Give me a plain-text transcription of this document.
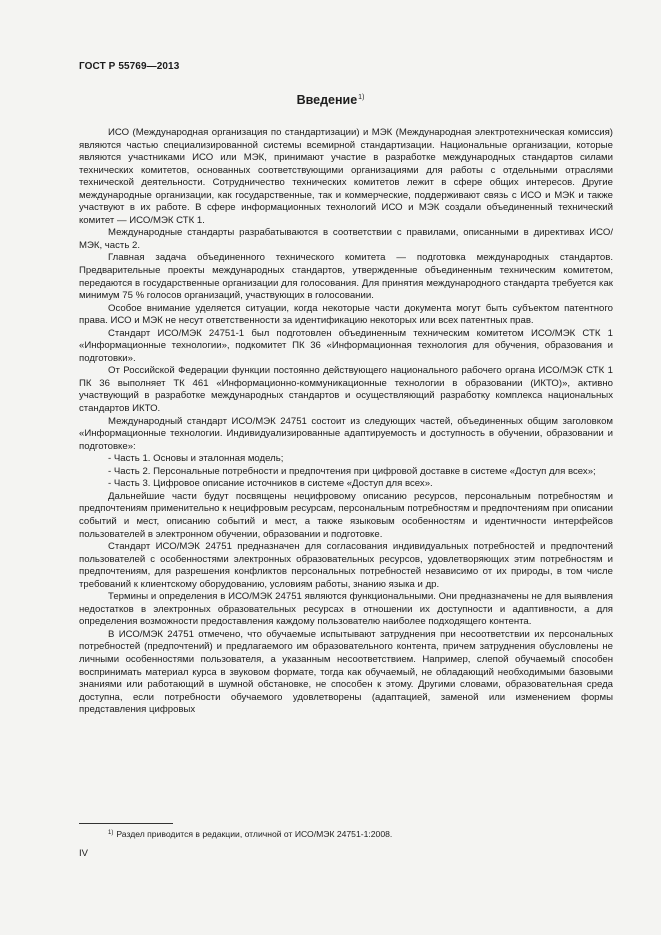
ГОСТ Р 55769—2013
Введение$^{1)}$

ИСО (Международная организация по стандартизации) и МЭК (Международная электротехническая комиссия) являются частью специализированной системы всемирной стандартизации. Национальные организации, которые являются участниками ИСО или МЭК, принимают участие в разработке международных стандартов силами технических комитетов, основанных соответствующими организациями для работы с отдельными отраслями технической деятельности. Сотрудничество технических комитетов лежит в сфере общих интересов. Другие международные организации, как государственные, так и коммерческие, поддерживают связь с ИСО и МЭК и также участвуют в их работе. В сфере информационных технологий ИСО и МЭК создали объединенный технический комитет — ИСО/МЭК СТК 1.

Международные стандарты разрабатываются в соответствии с правилами, описанными в директивах ИСО/МЭК, часть 2.

Главная задача объединенного технического комитета — подготовка международных стандартов. Предварительные проекты международных стандартов, утвержденные объединенным техническим комитетом, передаются в государственные организации для голосования. Для принятия международного стандарта требуется как минимум 75 % голосов организаций, участвующих в голосовании.

Особое внимание уделяется ситуации, когда некоторые части документа могут быть субъектом патентного права. ИСО и МЭК не несут ответственности за идентификацию некоторых или всех патентных прав.

Стандарт ИСО/МЭК 24751-1 был подготовлен объединенным техническим комитетом ИСО/МЭК СТК 1 «Информационные технологии», подкомитет ПК 36 «Информационная технология для обучения, образования и подготовки».

От Российской Федерации функции постоянно действующего национального рабочего органа ИСО/МЭК СТК 1 ПК 36 выполняет ТК 461 «Информационно-коммуникационные технологии в образовании (ИКТО)», активно участвующий в разработке международных стандартов и осуществляющий разработку комплекса национальных стандартов ИКТО.

Международный стандарт ИСО/МЭК 24751 состоит из следующих частей, объединенных общим заголовком «Информационные технологии. Индивидуализированные адаптируемость и доступность в обучении, образовании и подготовке»:

- Часть 1. Основы и эталонная модель;

- Часть 2. Персональные потребности и предпочтения при цифровой доставке в системе «Доступ для всех»;

- Часть 3. Цифровое описание источников в системе «Доступ для всех».

Дальнейшие части будут посвящены нецифровому описанию ресурсов, персональным потребностям и предпочтениям применительно к нецифровым ресурсам, персональным потребностям и предпочтениям при описании событий и мест, описанию событий и мест, а также языковым особенностям и идентичности интерфейсов пользователей в электронном обучении, образовании и подготовке.

Стандарт ИСО/МЭК 24751 предназначен для согласования индивидуальных потребностей и предпочтений пользователей с особенностями электронных образовательных ресурсов, удовлетворяющих этим потребностям и предпочтениям, для разрешения конфликтов персональных потребностей независимо от их природы, в том числе требований к клиентскому оборудованию, условиям работы, знанию языка и др.

Термины и определения в ИСО/МЭК 24751 являются функциональными. Они предназначены не для выявления недостатков в электронных образовательных ресурсах в отношении их доступности и адаптивности, а для определения возможности предоставления каждому пользователю наиболее подходящего контента.

В ИСО/МЭК 24751 отмечено, что обучаемые испытывают затруднения при несоответствии их персональных потребностей (предпочтений) и предлагаемого им образовательного контента, причем затруднения обусловлены не личными особенностями пользователя, а указанным несоответствием. Например, слепой обучаемый способен воспринимать материал курса в звуковом формате, тогда как обучаемый, не обладающий необходимыми базовыми знаниями или работающий в шумной обстановке, не способен к этому. Другими словами, образовательная среда доступна, если потребности обучаемого удовлетворены (адаптацией, заменой или изменением формы представления цифровых

$^{1)}$ Раздел приводится в редакции, отличной от ИСО/МЭК 24751-1:2008.
IV
